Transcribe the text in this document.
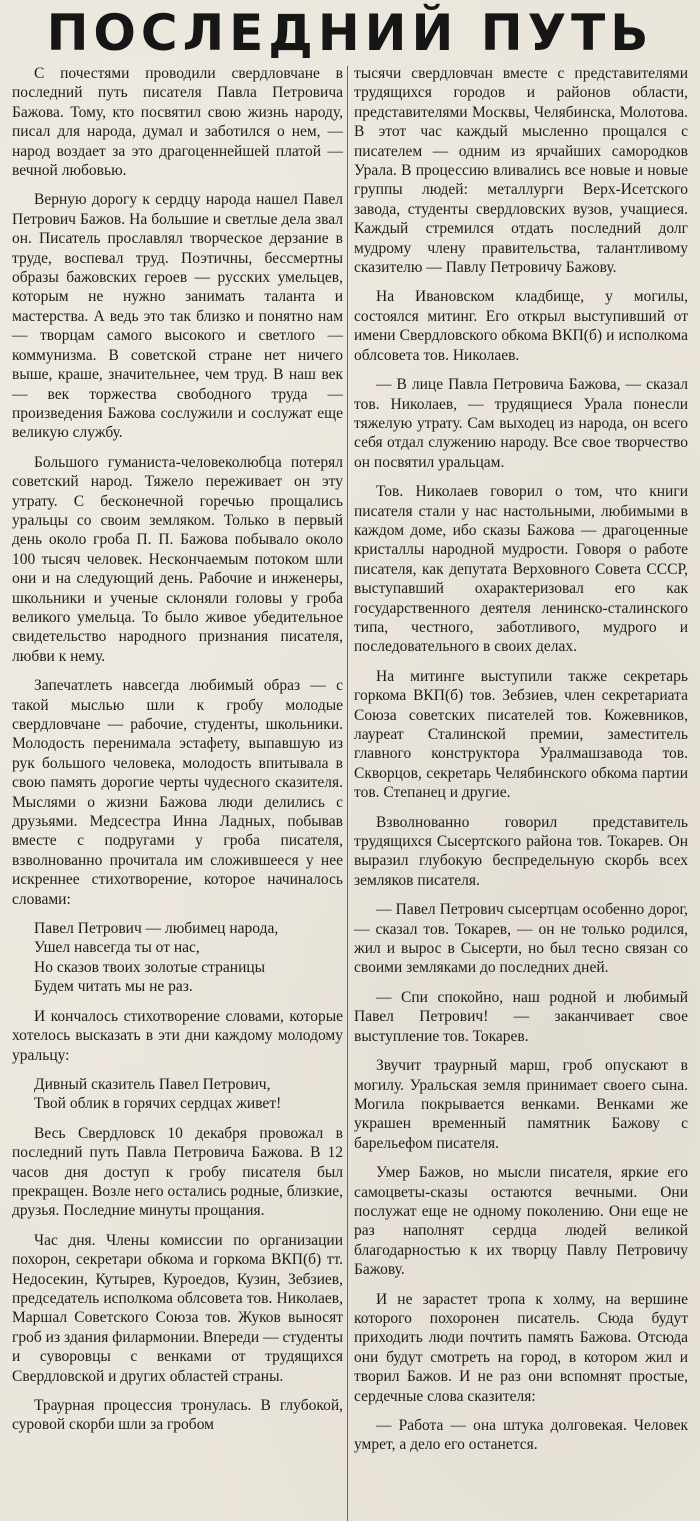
ПОСЛЕДНИЙ ПУТЬ

С почестями проводили свердловчане в последний путь писателя Павла Петровича Бажова. Тому, кто посвятил свою жизнь народу, писал для народа, думал и заботился о нем, — народ воздает за это драгоценнейшей платой — вечной любовью.

Верную дорогу к сердцу народа нашел Павел Петрович Бажов. На большие и светлые дела звал он. Писатель прославлял творческое дерзание в труде, воспевал труд. Поэтичны, бессмертны образы бажовских героев — русских умельцев, которым не нужно занимать таланта и мастерства. А ведь это так близко и понятно нам — творцам самого высокого и светлого — коммунизма. В советской стране нет ничего выше, краше, значительнее, чем труд. В наш век — век торжества свободного труда — произведения Бажова сослужили и сослужат еще великую службу.

Большого гуманиста-человеколюбца потерял советский народ. Тяжело переживает он эту утрату. С бесконечной горечью прощались уральцы со своим земляком. Только в первый день около гроба П. П. Бажова побывало около 100 тысяч человек. Нескончаемым потоком шли они и на следующий день. Рабочие и инженеры, школьники и ученые склоняли головы у гроба великого умельца. То было живое убедительное свидетельство народного признания писателя, любви к нему.

Запечатлеть навсегда любимый образ — с такой мыслью шли к гробу молодые свердловчане — рабочие, студенты, школьники. Молодость перенимала эстафету, выпавшую из рук большого человека, молодость впитывала в свою память дорогие черты чудесного сказителя. Мыслями о жизни Бажова люди делились с друзьями. Медсестра Инна Ладных, побывав вместе с подругами у гроба писателя, взволнованно прочитала им сложившееся у нее искреннее стихотворение, которое начиналось словами:

Павел Петрович — любимец народа,
Ушел навсегда ты от нас,
Но сказов твоих золотые страницы
Будем читать мы не раз.

И кончалось стихотворение словами, которые хотелось высказать в эти дни каждому молодому уральцу:

Дивный сказитель Павел Петрович,
Твой облик в горячих сердцах живет!

Весь Свердловск 10 декабря провожал в последний путь Павла Петровича Бажова. В 12 часов дня доступ к гробу писателя был прекращен. Возле него остались родные, близкие, друзья. Последние минуты прощания.

Час дня. Члены комиссии по организации похорон, секретари обкома и горкома ВКП(б) тт. Недосекин, Кутырев, Куроедов, Кузин, Зебзиев, председатель исполкома облсовета тов. Николаев, Маршал Советского Союза тов. Жуков выносят гроб из здания филармонии. Впереди — студенты и суворовцы с венками от трудящихся Свердловской и других областей страны.

Траурная процессия тронулась. В глубокой, суровой скорби шли за гробом

тысячи свердловчан вместе с представителями трудящихся городов и районов области, представителями Москвы, Челябинска, Молотова. В этот час каждый мысленно прощался с писателем — одним из ярчайших самородков Урала. В процессию вливались все новые и новые группы людей: металлурги Верх-Исетского завода, студенты свердловских вузов, учащиеся. Каждый стремился отдать последний долг мудрому члену правительства, талантливому сказителю — Павлу Петровичу Бажову.

На Ивановском кладбище, у могилы, состоялся митинг. Его открыл выступивший от имени Свердловского обкома ВКП(б) и исполкома облсовета тов. Николаев.

— В лице Павла Петровича Бажова, — сказал тов. Николаев, — трудящиеся Урала понесли тяжелую утрату. Сам выходец из народа, он всего себя отдал служению народу. Все свое творчество он посвятил уральцам.

Тов. Николаев говорил о том, что книги писателя стали у нас настольными, любимыми в каждом доме, ибо сказы Бажова — драгоценные кристаллы народной мудрости. Говоря о работе писателя, как депутата Верховного Совета СССР, выступавший охарактеризовал его как государственного деятеля ленинско-сталинского типа, честного, заботливого, мудрого и последовательного в своих делах.

На митинге выступили также секретарь горкома ВКП(б) тов. Зебзиев, член секретариата Союза советских писателей тов. Кожевников, лауреат Сталинской премии, заместитель главного конструктора Уралмашзавода тов. Скворцов, секретарь Челябинского обкома партии тов. Степанец и другие.

Взволнованно говорил представитель трудящихся Сысертского района тов. Токарев. Он выразил глубокую беспредельную скорбь всех земляков писателя.

— Павел Петрович сысертцам особенно дорог, — сказал тов. Токарев, — он не только родился, жил и вырос в Сысерти, но был тесно связан со своими земляками до последних дней.

— Спи спокойно, наш родной и любимый Павел Петрович! — заканчивает свое выступление тов. Токарев.

Звучит траурный марш, гроб опускают в могилу. Уральская земля принимает своего сына. Могила покрывается венками. Венками же украшен временный памятник Бажову с барельефом писателя.

Умер Бажов, но мысли писателя, яркие его самоцветы-сказы остаются вечными. Они послужат еще не одному поколению. Они еще не раз наполнят сердца людей великой благодарностью к их творцу Павлу Петровичу Бажову.

И не зарастет тропа к холму, на вершине которого похоронен писатель. Сюда будут приходить люди почтить память Бажова. Отсюда они будут смотреть на город, в котором жил и творил Бажов. И не раз они вспомнят простые, сердечные слова сказителя:

— Работа — она штука долговекая. Человек умрет, а дело его останется.
